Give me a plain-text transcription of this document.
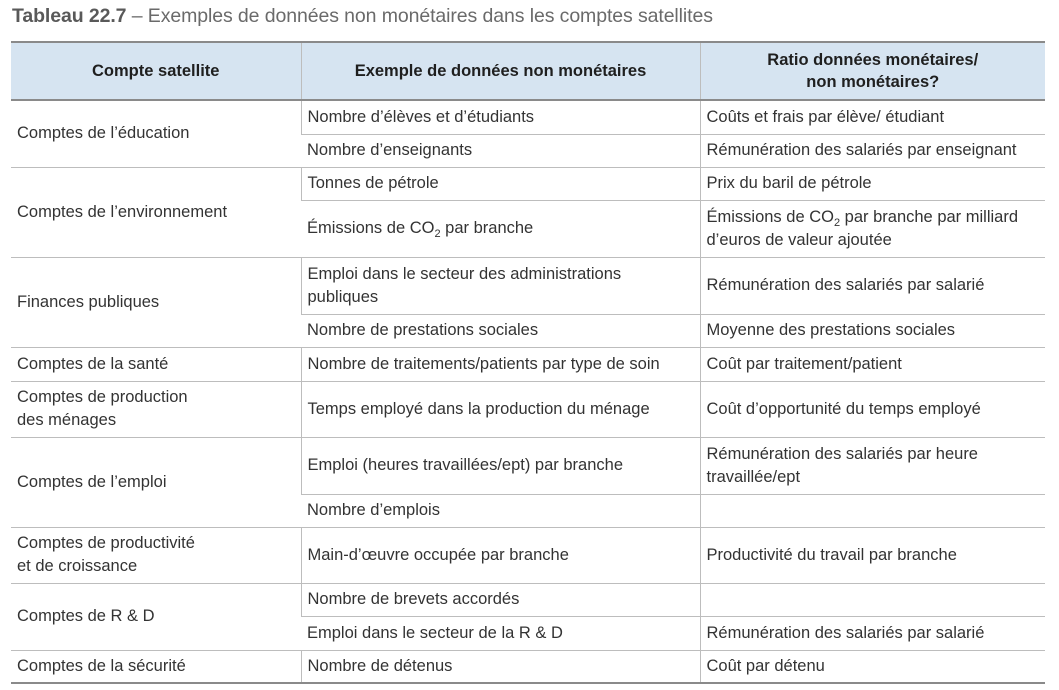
Tableau 22.7 – Exemples de données non monétaires dans les comptes satellites
Compte satellite	Exemple de données non monétaires	Ratio données monétaires/
non monétaires?

Comptes de l’éducation	Nombre d’élèves et d’étudiants	Coûts et frais par élève/ étudiant
	Nombre d’enseignants	Rémunération des salariés par enseignant
Comptes de l’environnement	Tonnes de pétrole	Prix du baril de pétrole
	Émissions de $CO_2$ par branche	Émissions de $CO_2$ par branche par milliard
d’euros de valeur ajoutée
Finances publiques	Emploi dans le secteur des administrations
publiques	Rémunération des salariés par salarié
	Nombre de prestations sociales	Moyenne des prestations sociales
Comptes de la santé	Nombre de traitements/patients par type de soin	Coût par traitement/patient
Comptes de production
des ménages	Temps employé dans la production du ménage	Coût d’opportunité du temps employé
Comptes de l’emploi	Emploi (heures travaillées/ept) par branche	Rémunération des salariés par heure
travaillée/ept
	Nombre d’emplois	
Comptes de productivité
et de croissance	Main-d’œuvre occupée par branche	Productivité du travail par branche
Comptes de R & D	Nombre de brevets accordés	
	Emploi dans le secteur de la R & D	Rémunération des salariés par salarié
Comptes de la sécurité	Nombre de détenus	Coût par détenu
